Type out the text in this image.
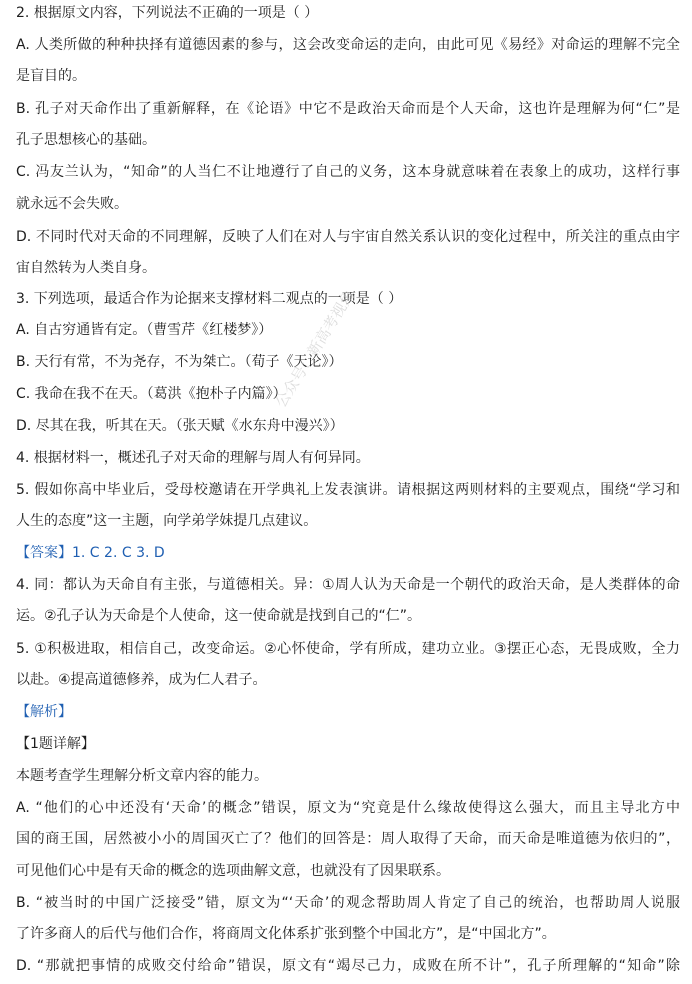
2. 根据原文内容，下列说法不正确的一项是（ ）
A. 人类所做的种种抉择有道德因素的参与，这会改变命运的走向，由此可见《易经》对命运的理解不完全
是盲目的。
B. 孔子对天命作出了重新解释，在《论语》中它不是政治天命而是个人天命，这也许是理解为何“仁”是
孔子思想核心的基础。
C. 冯友兰认为，“知命”的人当仁不让地遵行了自己的义务，这本身就意味着在表象上的成功，这样行事
就永远不会失败。
D. 不同时代对天命的不同理解，反映了人们在对人与宇宙自然关系认识的变化过程中，所关注的重点由宇
宙自然转为人类自身。
3. 下列选项，最适合作为论据来支撑材料二观点的一项是（ ）
A. 自古穷通皆有定。（曹雪芹《红楼梦》）
B. 天行有常，不为尧存，不为桀亡。（荀子《天论》）
C. 我命在我不在天。（葛洪《抱朴子内篇》）
D. 尽其在我，听其在天。（张天赋《水东舟中漫兴》）
4. 根据材料一，概述孔子对天命的理解与周人有何异同。
5. 假如你高中毕业后，受母校邀请在开学典礼上发表演讲。请根据这两则材料的主要观点，围绕“学习和
人生的态度”这一主题，向学弟学妹提几点建议。
【答案】1. C 2. C 3. D
4. 同：都认为天命自有主张，与道德相关。异：①周人认为天命是一个朝代的政治天命，是人类群体的命
运。②孔子认为天命是个人使命，这一使命就是找到自己的“仁”。
5. ①积极进取，相信自己，改变命运。②心怀使命，学有所成，建功立业。③摆正心态，无畏成败，全力
以赴。④提高道德修养，成为仁人君子。
【解析】
【1题详解】
本题考查学生理解分析文章内容的能力。
A. “他们的心中还没有‘天命’的概念”错误，原文为“究竟是什么缘故使得这么强大，而且主导北方中
国的商王国，居然被小小的周国灭亡了？他们的回答是：周人取得了天命，而天命是唯道德为依归的”，
可见他们心中是有天命的概念的选项曲解文意，也就没有了因果联系。
B. “被当时的中国广泛接受”错，原文为“‘天命’的观念帮助周人肯定了自己的统治，也帮助周人说服
了许多商人的后代与他们合作，将商周文化体系扩张到整个中国北方”，是“中国北方”。
D. “那就把事情的成败交付给命”错误，原文有“竭尽己力，成败在所不计”，孔子所理解的“知命”除
公众号：新高考视角
